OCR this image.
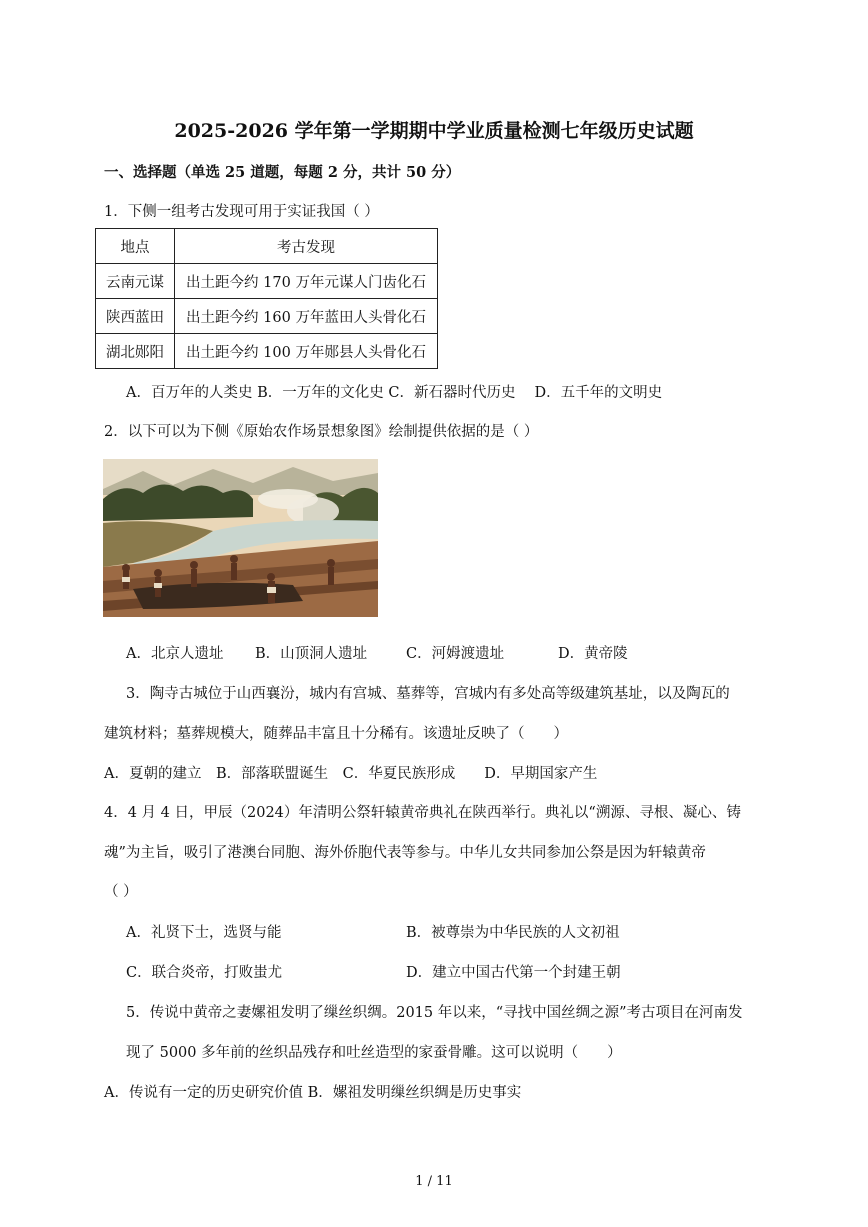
2025-2026 学年第一学期期中学业质量检测七年级历史试题
一、选择题（单选 25 道题，每题 2 分，共计 50 分）
1．下侧一组考古发现可用于实证我国（ ）
地点	考古发现
云南元谋	出土距今约 170 万年元谋人门齿化石
陕西蓝田	出土距今约 160 万年蓝田人头骨化石
湖北郧阳	出土距今约 100 万年郧县人头骨化石
A．百万年的人类史 B．一万年的文化史 C．新石器时代历史　 D．五千年的文明史
2．以下可以为下侧《原始农作场景想象图》绘制提供依据的是（ ）
A．北京人遗址 B．山顶洞人遗址	C．河姆渡遗址	D．黄帝陵
3．陶寺古城位于山西襄汾，城内有宫城、墓葬等，宫城内有多处高等级建筑基址，以及陶瓦的
建筑材料；墓葬规模大，随葬品丰富且十分稀有。该遗址反映了（　　）
A．夏朝的建立　B．部落联盟诞生　C．华夏民族形成　　D．早期国家产生
4．4 月 4 日，甲辰（2024）年清明公祭轩辕黄帝典礼在陕西举行。典礼以“溯源、寻根、凝心、铸
魂”为主旨，吸引了港澳台同胞、海外侨胞代表等参与。中华儿女共同参加公祭是因为轩辕黄帝
（ ）
A．礼贤下士，选贤与能	B．被尊崇为中华民族的人文初祖
C．联合炎帝，打败蚩尤	D．建立中国古代第一个封建王朝
5．传说中黄帝之妻嫘祖发明了缫丝织绸。2015 年以来，“寻找中国丝绸之源”考古项目在河南发
现了 5000 多年前的丝织品残存和吐丝造型的家蚕骨雕。这可以说明（　　）
A．传说有一定的历史研究价值 B．嫘祖发明缫丝织绸是历史事实
1 / 11
